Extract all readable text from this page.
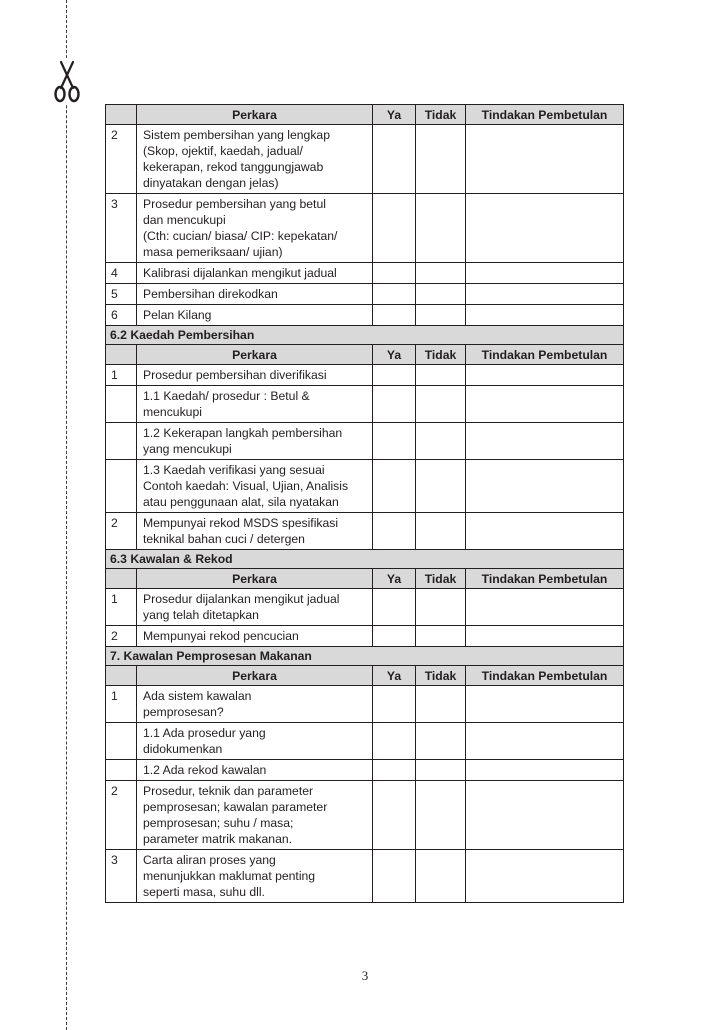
	Perkara	Ya	Tidak	Tindakan Pembetulan
2	Sistem pembersihan yang lengkap
(Skop, ojektif, kaedah, jadual/
kekerapan, rekod tanggungjawab
dinyatakan dengan jelas)			

3	Prosedur pembersihan yang betul
dan mencukupi
(Cth: cucian/ biasa/ CIP: kepekatan/
masa pemeriksaan/ ujian)			

4	Kalibrasi dijalankan mengikut jadual			

5	Pembersihan direkodkan			

6	Pelan Kilang			

6.2 Kaedah Pembersihan				
	Perkara	Ya	Tidak	Tindakan Pembetulan
1	Prosedur pembersihan diverifikasi			

	1.1 Kaedah/ prosedur : Betul &
mencukupi			

	1.2 Kekerapan langkah pembersihan
yang mencukupi			

	1.3 Kaedah verifikasi yang sesuai
Contoh kaedah: Visual, Ujian, Analisis
atau penggunaan alat, sila nyatakan			

2	Mempunyai rekod MSDS spesifikasi
teknikal bahan cuci / detergen			

6.3 Kawalan & Rekod				
	Perkara	Ya	Tidak	Tindakan Pembetulan
1	Prosedur dijalankan mengikut jadual
yang telah ditetapkan			

2	Mempunyai rekod pencucian			

7. Kawalan Pemprosesan Makanan				
	Perkara	Ya	Tidak	Tindakan Pembetulan
1	Ada sistem kawalan
pemprosesan?			

	1.1 Ada prosedur yang
didokumenkan			

	1.2 Ada rekod kawalan			

2	Prosedur, teknik dan parameter
pemprosesan; kawalan parameter
pemprosesan; suhu / masa;
parameter matrik makanan.			

3	Carta aliran proses yang
menunjukkan maklumat penting
seperti masa, suhu dll.			

3
